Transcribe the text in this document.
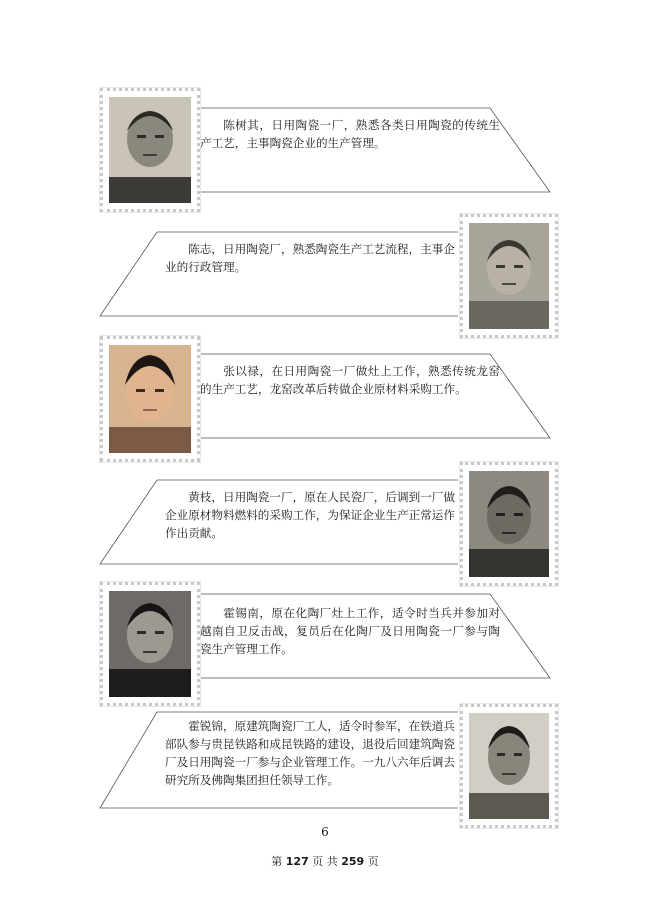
陈树其，日用陶瓷一厂，熟悉各类日用陶瓷的传统生产工艺，主事陶瓷企业的生产管理。

陈志，日用陶瓷厂，熟悉陶瓷生产工艺流程，主事企业的行政管理。

张以禄，在日用陶瓷一厂做灶上工作，熟悉传统龙窑的生产工艺，龙窑改革后转做企业原材料采购工作。

黄枝，日用陶瓷一厂，原在人民瓷厂，后调到一厂做企业原材物料燃料的采购工作，为保证企业生产正常运作作出贡献。

霍锡南，原在化陶厂灶上工作，适令时当兵并参加对越南自卫反击战，复员后在化陶厂及日用陶瓷一厂参与陶瓷生产管理工作。

霍锐锦，原建筑陶瓷厂工人，适令时参军，在铁道兵部队参与贵昆铁路和成昆铁路的建设，退役后回建筑陶瓷厂及日用陶瓷一厂参与企业管理工作。一九八六年后调去研究所及佛陶集团担任领导工作。

6
第 127 页 共 259 页
